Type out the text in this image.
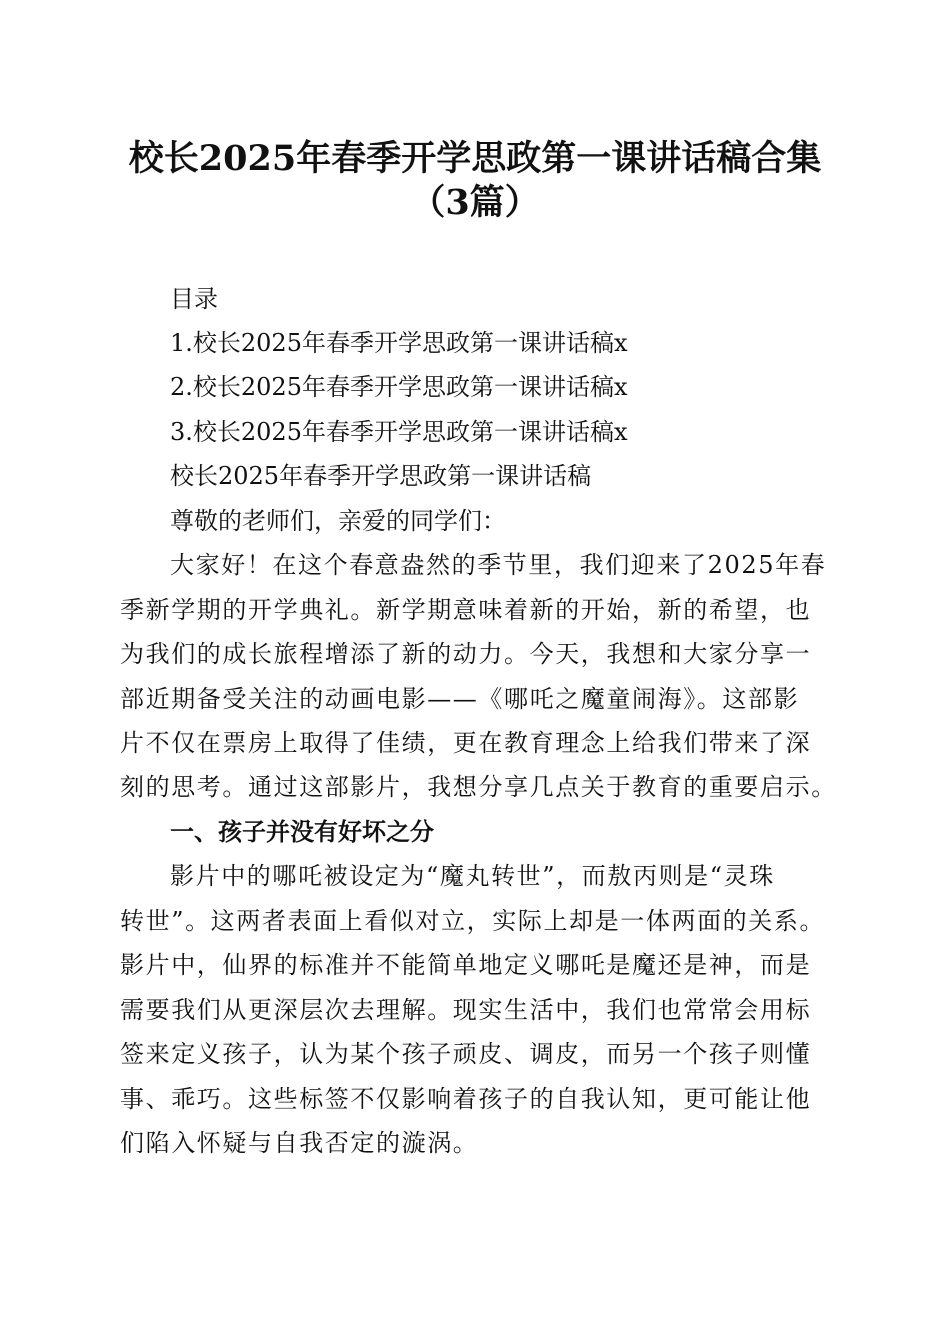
校长2025年春季开学思政第一课讲话稿合集
（3篇）
目录
1.校长2025年春季开学思政第一课讲话稿x
2.校长2025年春季开学思政第一课讲话稿x
3.校长2025年春季开学思政第一课讲话稿x
校长2025年春季开学思政第一课讲话稿
尊敬的老师们，亲爱的同学们：
大家好！在这个春意盎然的季节里，我们迎来了2025年春
季新学期的开学典礼。新学期意味着新的开始，新的希望，也
为我们的成长旅程增添了新的动力。今天，我想和大家分享一
部近期备受关注的动画电影——《哪吒之魔童闹海》。这部影
片不仅在票房上取得了佳绩，更在教育理念上给我们带来了深
刻的思考。通过这部影片，我想分享几点关于教育的重要启示。
一、孩子并没有好坏之分
影片中的哪吒被设定为“魔丸转世”，而敖丙则是“灵珠
转世”。这两者表面上看似对立，实际上却是一体两面的关系。
影片中，仙界的标准并不能简单地定义哪吒是魔还是神，而是
需要我们从更深层次去理解。现实生活中，我们也常常会用标
签来定义孩子，认为某个孩子顽皮、调皮，而另一个孩子则懂
事、乖巧。这些标签不仅影响着孩子的自我认知，更可能让他
们陷入怀疑与自我否定的漩涡。
